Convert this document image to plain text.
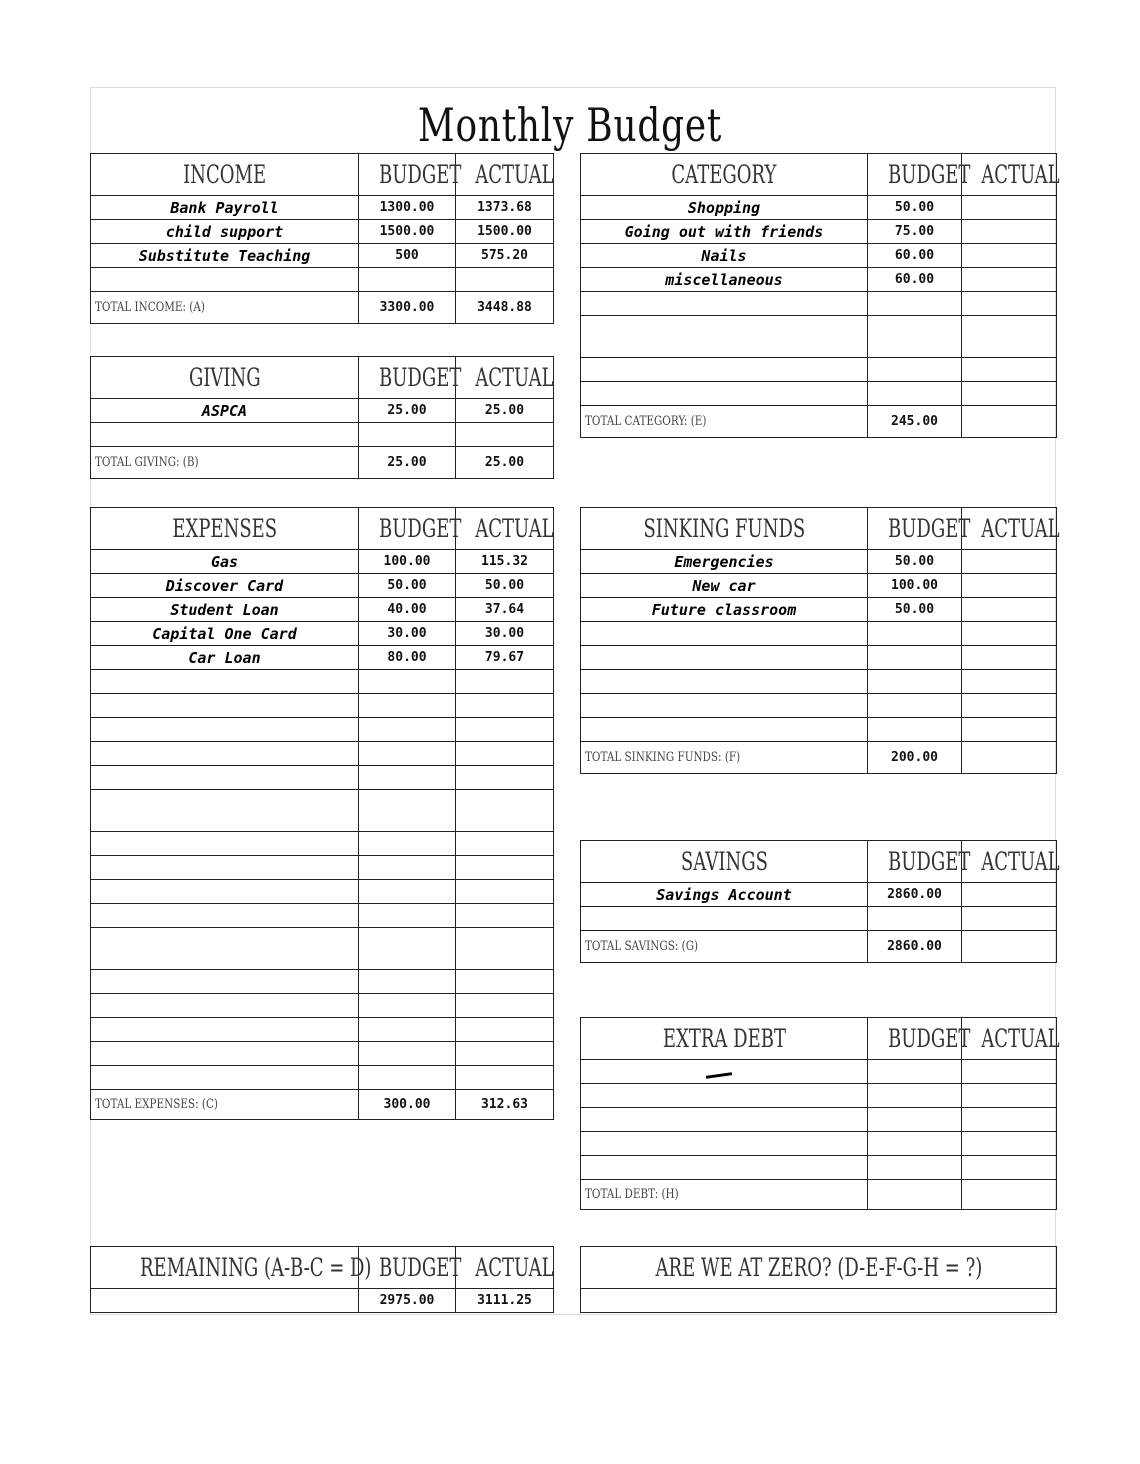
Monthly Budget
INCOME	BUDGET	ACTUAL
Bank Payroll	1300.00	1373.68
child support	1500.00	1500.00
Substitute Teaching	500	575.20

TOTAL INCOME: (A)	3300.00	3448.88
GIVING	BUDGET	ACTUAL
ASPCA	25.00	25.00

TOTAL GIVING: (B)	25.00	25.00
EXPENSES	BUDGET	ACTUAL
Gas	100.00	115.32
Discover Card	50.00	50.00
Student Loan	40.00	37.64
Capital One Card	30.00	30.00
Car Loan	80.00	79.67

TOTAL EXPENSES: (C)	300.00	312.63
REMAINING (A-B-C = D)	BUDGET	ACTUAL
	2975.00	3111.25
CATEGORY	BUDGET	ACTUAL
Shopping	50.00	
Going out with friends	75.00	
Nails	60.00	
miscellaneous	60.00	

TOTAL CATEGORY: (E)	245.00	
SINKING FUNDS	BUDGET	ACTUAL
Emergencies	50.00	
New car	100.00	
Future classroom	50.00	

TOTAL SINKING FUNDS: (F)	200.00	
SAVINGS	BUDGET	ACTUAL
Savings Account	2860.00	

TOTAL SAVINGS: (G)	2860.00	
EXTRA DEBT	BUDGET	ACTUAL

TOTAL DEBT: (H)		
ARE WE AT ZERO? (D-E-F-G-H = ?)
